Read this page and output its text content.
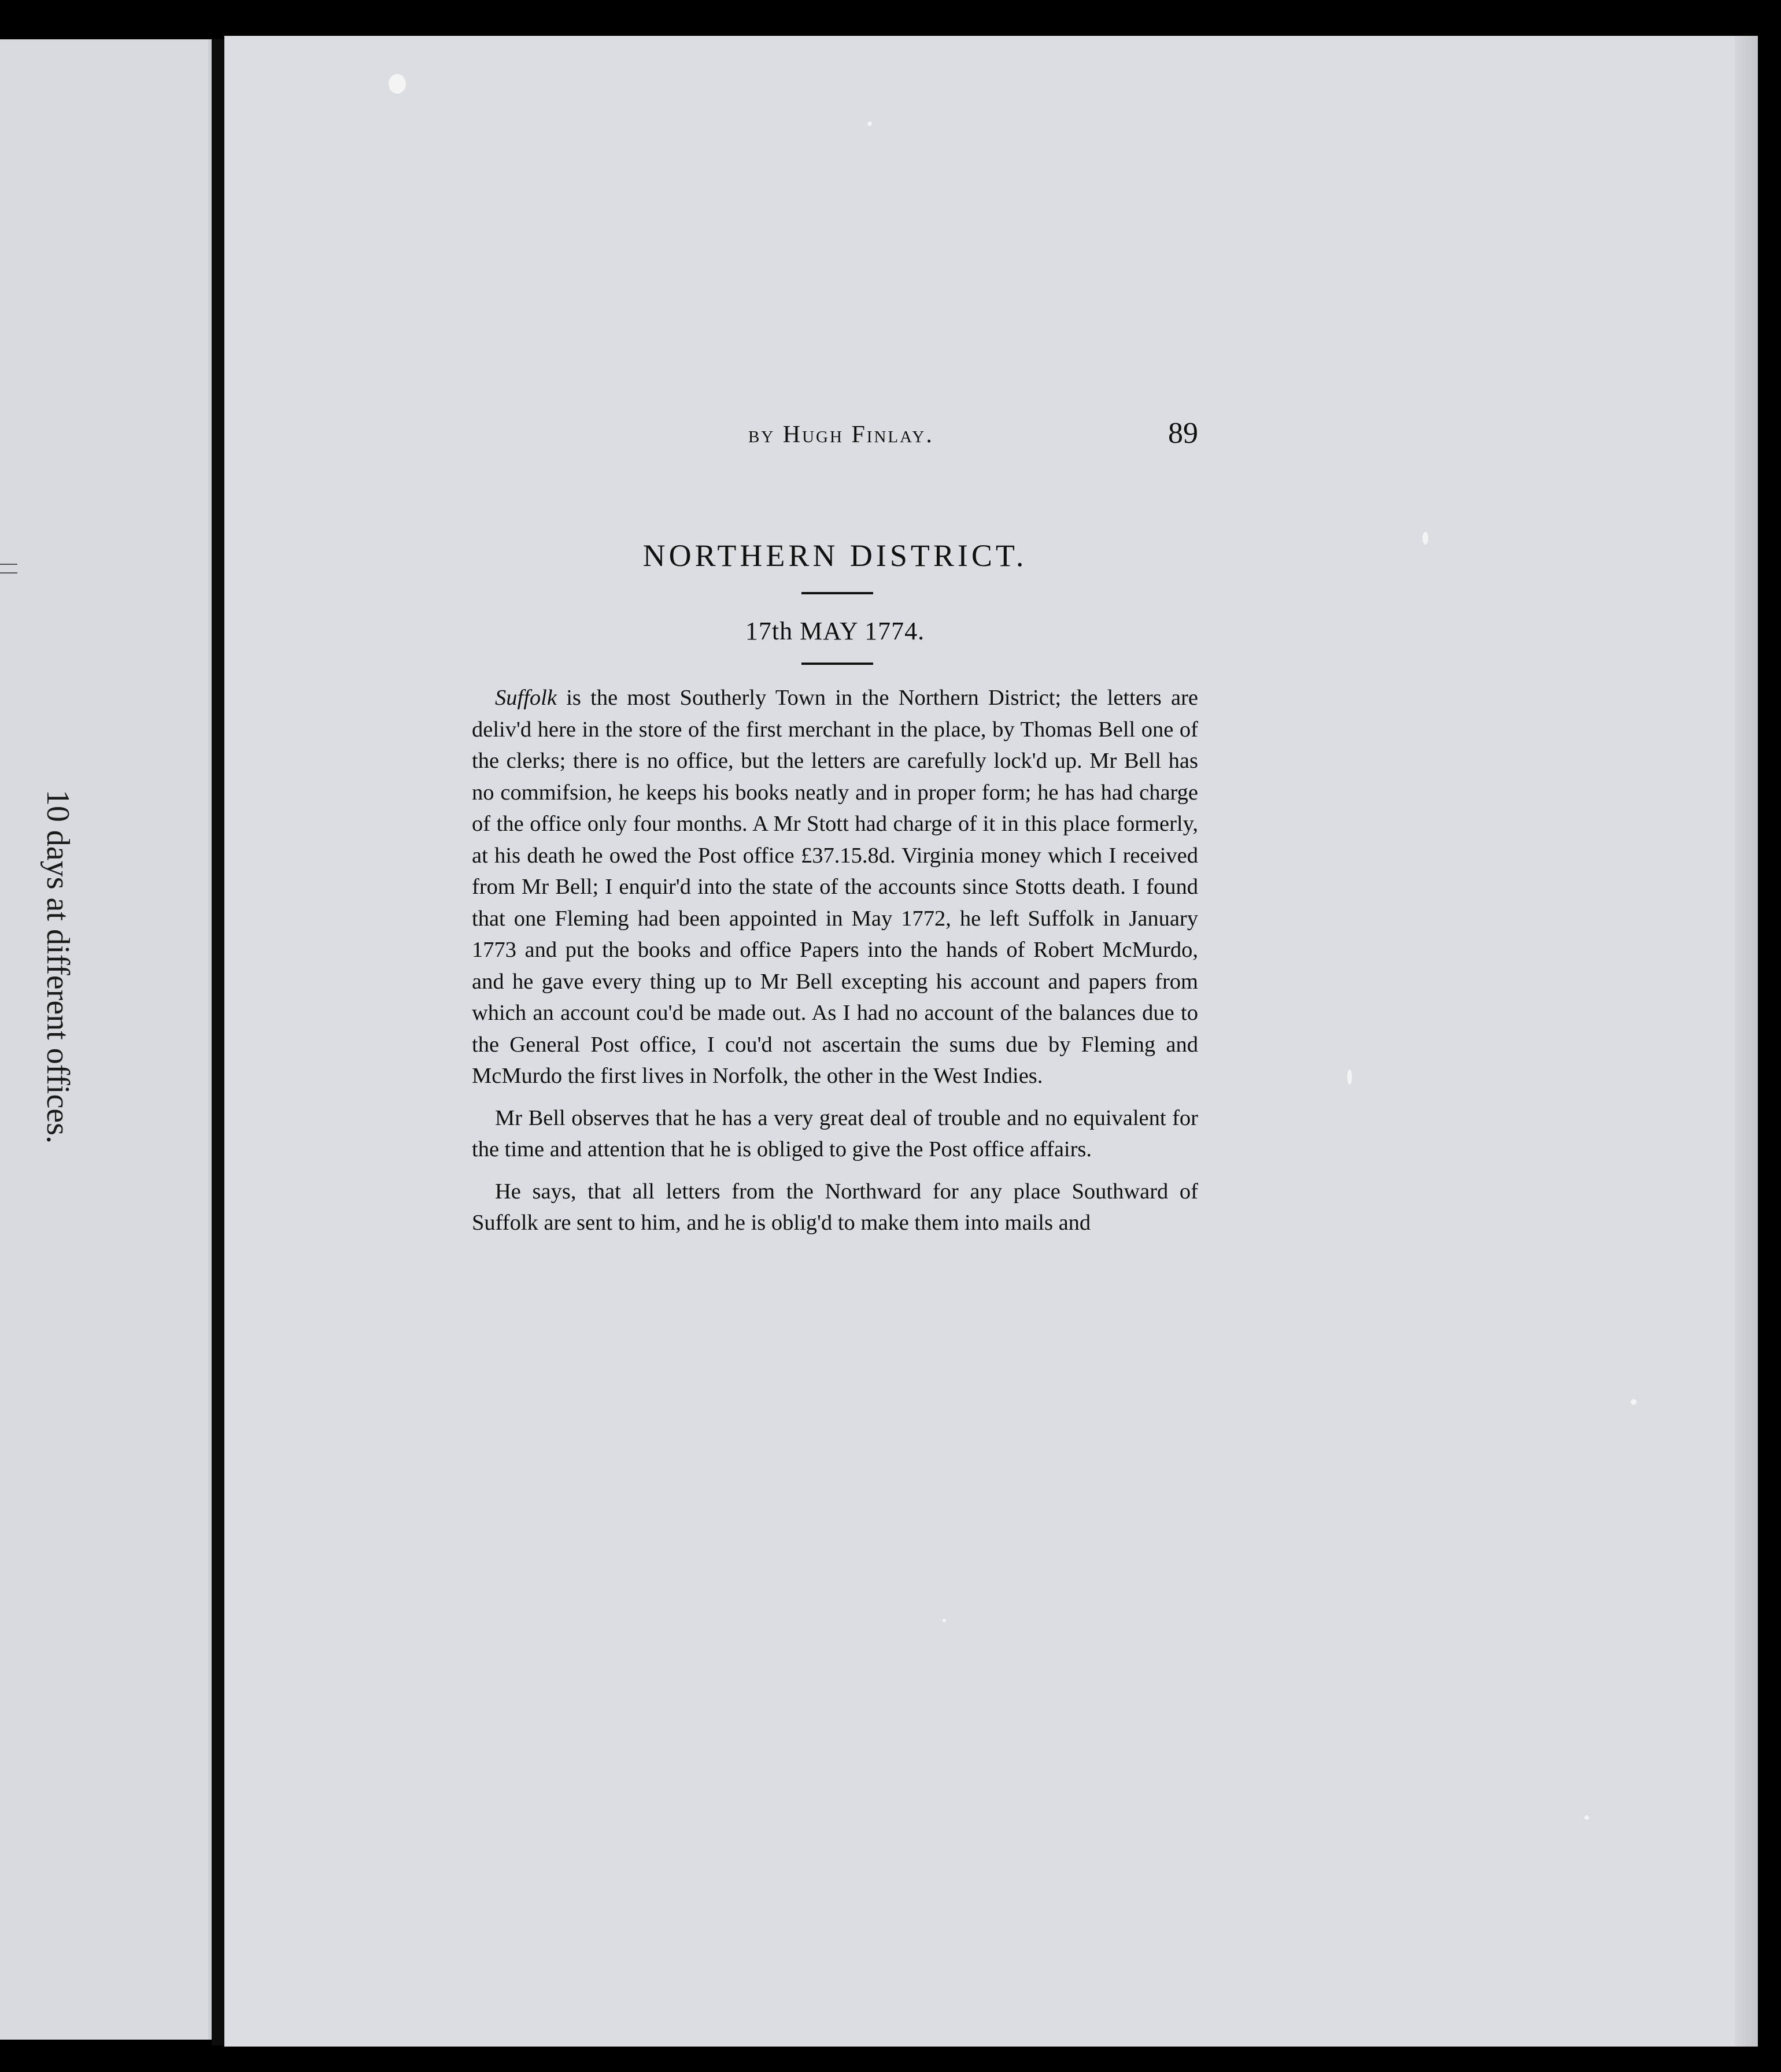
10 days at different offices.
by Hugh Finlay.	89
NORTHERN DISTRICT.
17th MAY 1774.

Suffolk is the most Southerly Town in the Northern District; the letters are deliv'd here in the store of the first merchant in the place, by Thomas Bell one of the clerks; there is no office, but the letters are carefully lock'd up. Mr Bell has no commifsion, he keeps his books neatly and in proper form; he has had charge of the office only four months. A Mr Stott had charge of it in this place formerly, at his death he owed the Post office £37.15.8d. Virginia money which I received from Mr Bell; I enquir'd into the state of the accounts since Stotts death. I found that one Fleming had been appointed in May 1772, he left Suffolk in January 1773 and put the books and office Papers into the hands of Robert McMurdo, and he gave every thing up to Mr Bell excepting his account and papers from which an account cou'd be made out. As I had no account of the balances due to the General Post office, I cou'd not ascertain the sums due by Fleming and McMurdo the first lives in Norfolk, the other in the West Indies.

Mr Bell observes that he has a very great deal of trouble and no equivalent for the time and attention that he is obliged to give the Post office affairs.

He says, that all letters from the Northward for any place Southward of Suffolk are sent to him, and he is oblig'd to make them into mails and
